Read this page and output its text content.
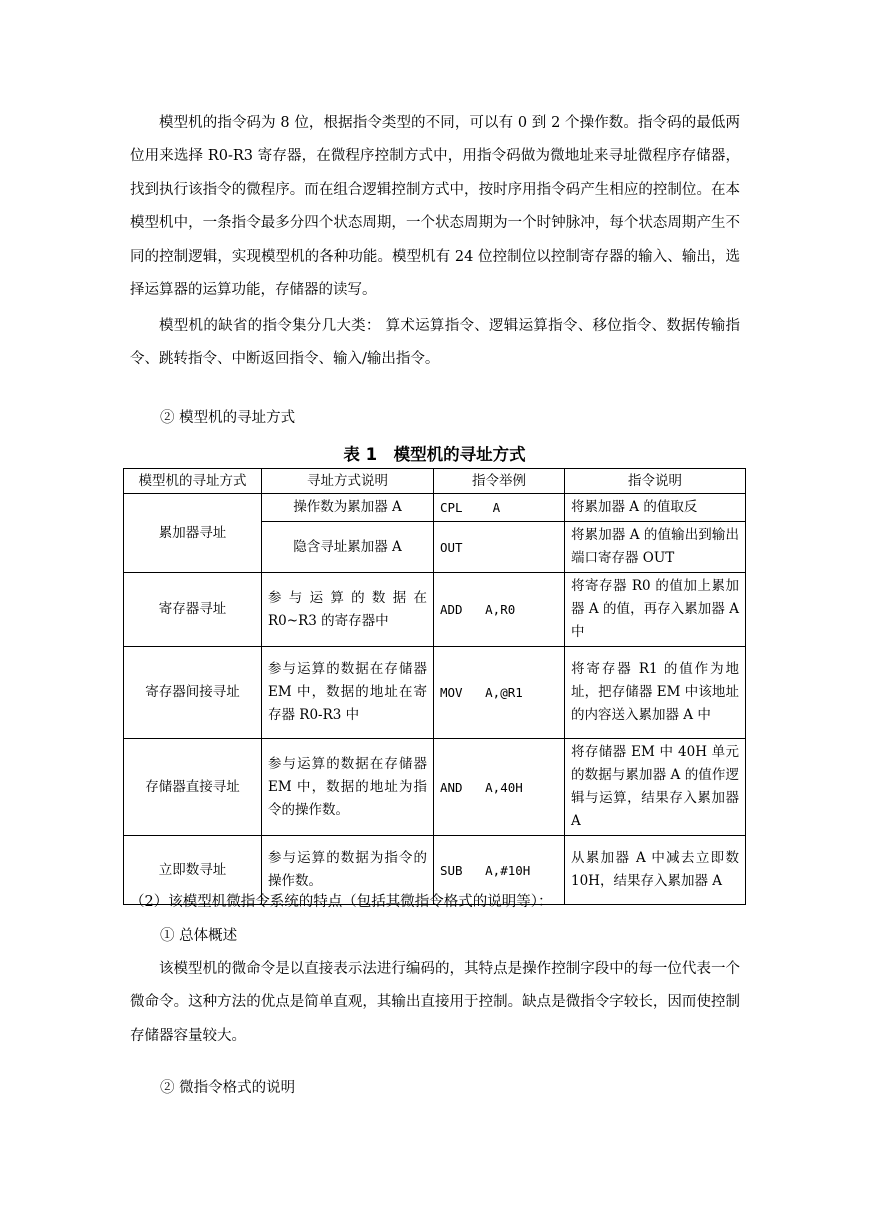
模型机的指令码为 8 位，根据指令类型的不同，可以有 0 到 2 个操作数。指令码的最低两位用来选择 R0-R3 寄存器，在微程序控制方式中，用指令码做为微地址来寻址微程序存储器，找到执行该指令的微程序。而在组合逻辑控制方式中，按时序用指令码产生相应的控制位。在本模型机中，一条指令最多分四个状态周期，一个状态周期为一个时钟脉冲，每个状态周期产生不同的控制逻辑，实现模型机的各种功能。模型机有 24 位控制位以控制寄存器的输入、输出，选择运算器的运算功能，存储器的读写。

模型机的缺省的指令集分几大类： 算术运算指令、逻辑运算指令、移位指令、数据传输指令、跳转指令、中断返回指令、输入/输出指令。

② 模型机的寻址方式

表 1　模型机的寻址方式

模型机的寻址方式	寻址方式说明	指令举例	指令说明
累加器寻址	操作数为累加器 A	CPL    A	将累加器 A 的值取反
	隐含寻址累加器 A	OUT	将累加器 A 的值输出到输出端口寄存器 OUT
寄存器寻址	参与运算的数据在 R0~R3 的寄存器中	ADD   A,R0	将寄存器 R0 的值加上累加器 A 的值，再存入累加器 A 中
寄存器间接寻址	参与运算的数据在存储器 EM 中，数据的地址在寄存器 R0-R3 中	MOV   A,@R1	将寄存器 R1 的值作为地址，把存储器 EM 中该地址的内容送入累加器 A 中
存储器直接寻址	参与运算的数据在存储器 EM 中，数据的地址为指令的操作数。	AND   A,40H	将存储器 EM 中 40H 单元的数据与累加器 A 的值作逻辑与运算，结果存入累加器 A
立即数寻址	参与运算的数据为指令的操作数。	SUB   A,#10H	从累加器 A 中减去立即数 10H，结果存入累加器 A

（2）该模型机微指令系统的特点（包括其微指令格式的说明等）：

① 总体概述

该模型机的微命令是以直接表示法进行编码的，其特点是操作控制字段中的每一位代表一个微命令。这种方法的优点是简单直观，其输出直接用于控制。缺点是微指令字较长，因而使控制存储器容量较大。

② 微指令格式的说明
